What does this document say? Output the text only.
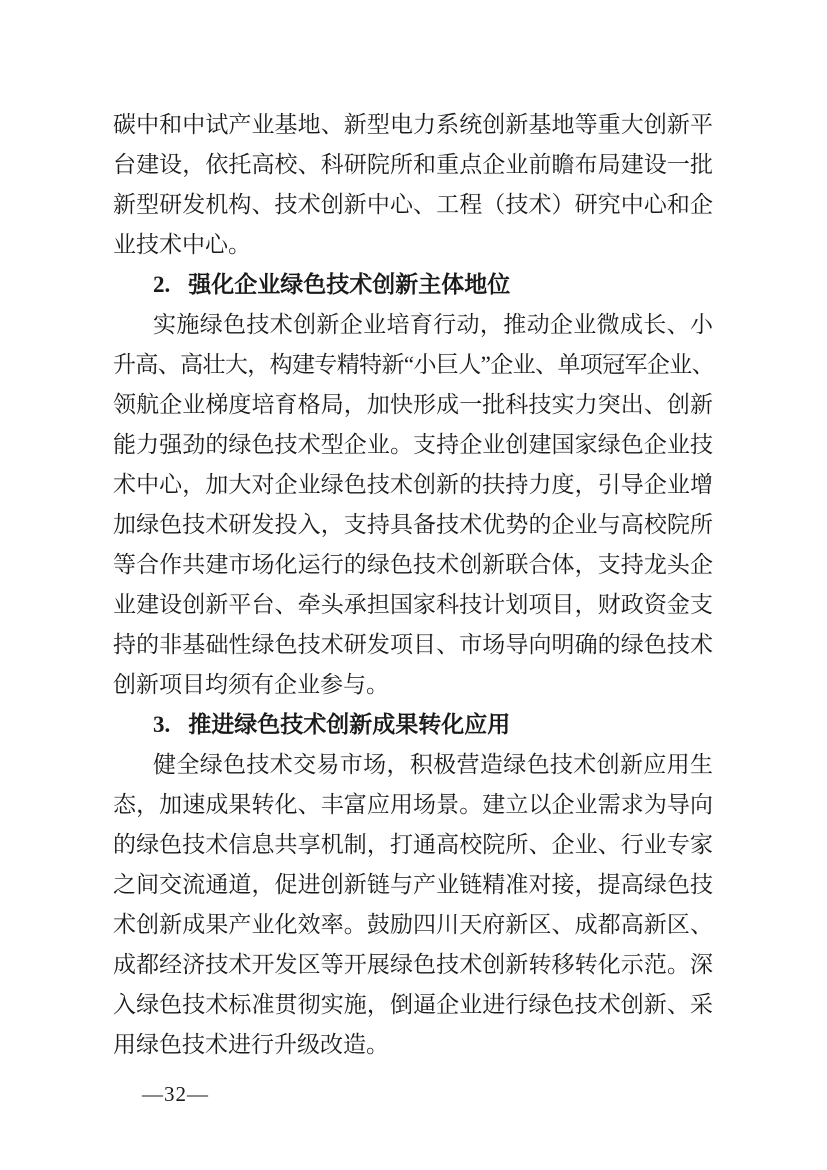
碳中和中试产业基地、新型电力系统创新基地等重大创新平
台建设，依托高校、科研院所和重点企业前瞻布局建设一批
新型研发机构、技术创新中心、工程（技术）研究中心和企
业技术中心。
2. 强化企业绿色技术创新主体地位
实施绿色技术创新企业培育行动，推动企业微成长、小
升高、高壮大，构建专精特新“小巨人”企业、单项冠军企业、
领航企业梯度培育格局，加快形成一批科技实力突出、创新
能力强劲的绿色技术型企业。支持企业创建国家绿色企业技
术中心，加大对企业绿色技术创新的扶持力度，引导企业增
加绿色技术研发投入，支持具备技术优势的企业与高校院所
等合作共建市场化运行的绿色技术创新联合体，支持龙头企
业建设创新平台、牵头承担国家科技计划项目，财政资金支
持的非基础性绿色技术研发项目、市场导向明确的绿色技术
创新项目均须有企业参与。
3. 推进绿色技术创新成果转化应用
健全绿色技术交易市场，积极营造绿色技术创新应用生
态，加速成果转化、丰富应用场景。建立以企业需求为导向
的绿色技术信息共享机制，打通高校院所、企业、行业专家
之间交流通道，促进创新链与产业链精准对接，提高绿色技
术创新成果产业化效率。鼓励四川天府新区、成都高新区、
成都经济技术开发区等开展绿色技术创新转移转化示范。深
入绿色技术标准贯彻实施，倒逼企业进行绿色技术创新、采
用绿色技术进行升级改造。
—32—
